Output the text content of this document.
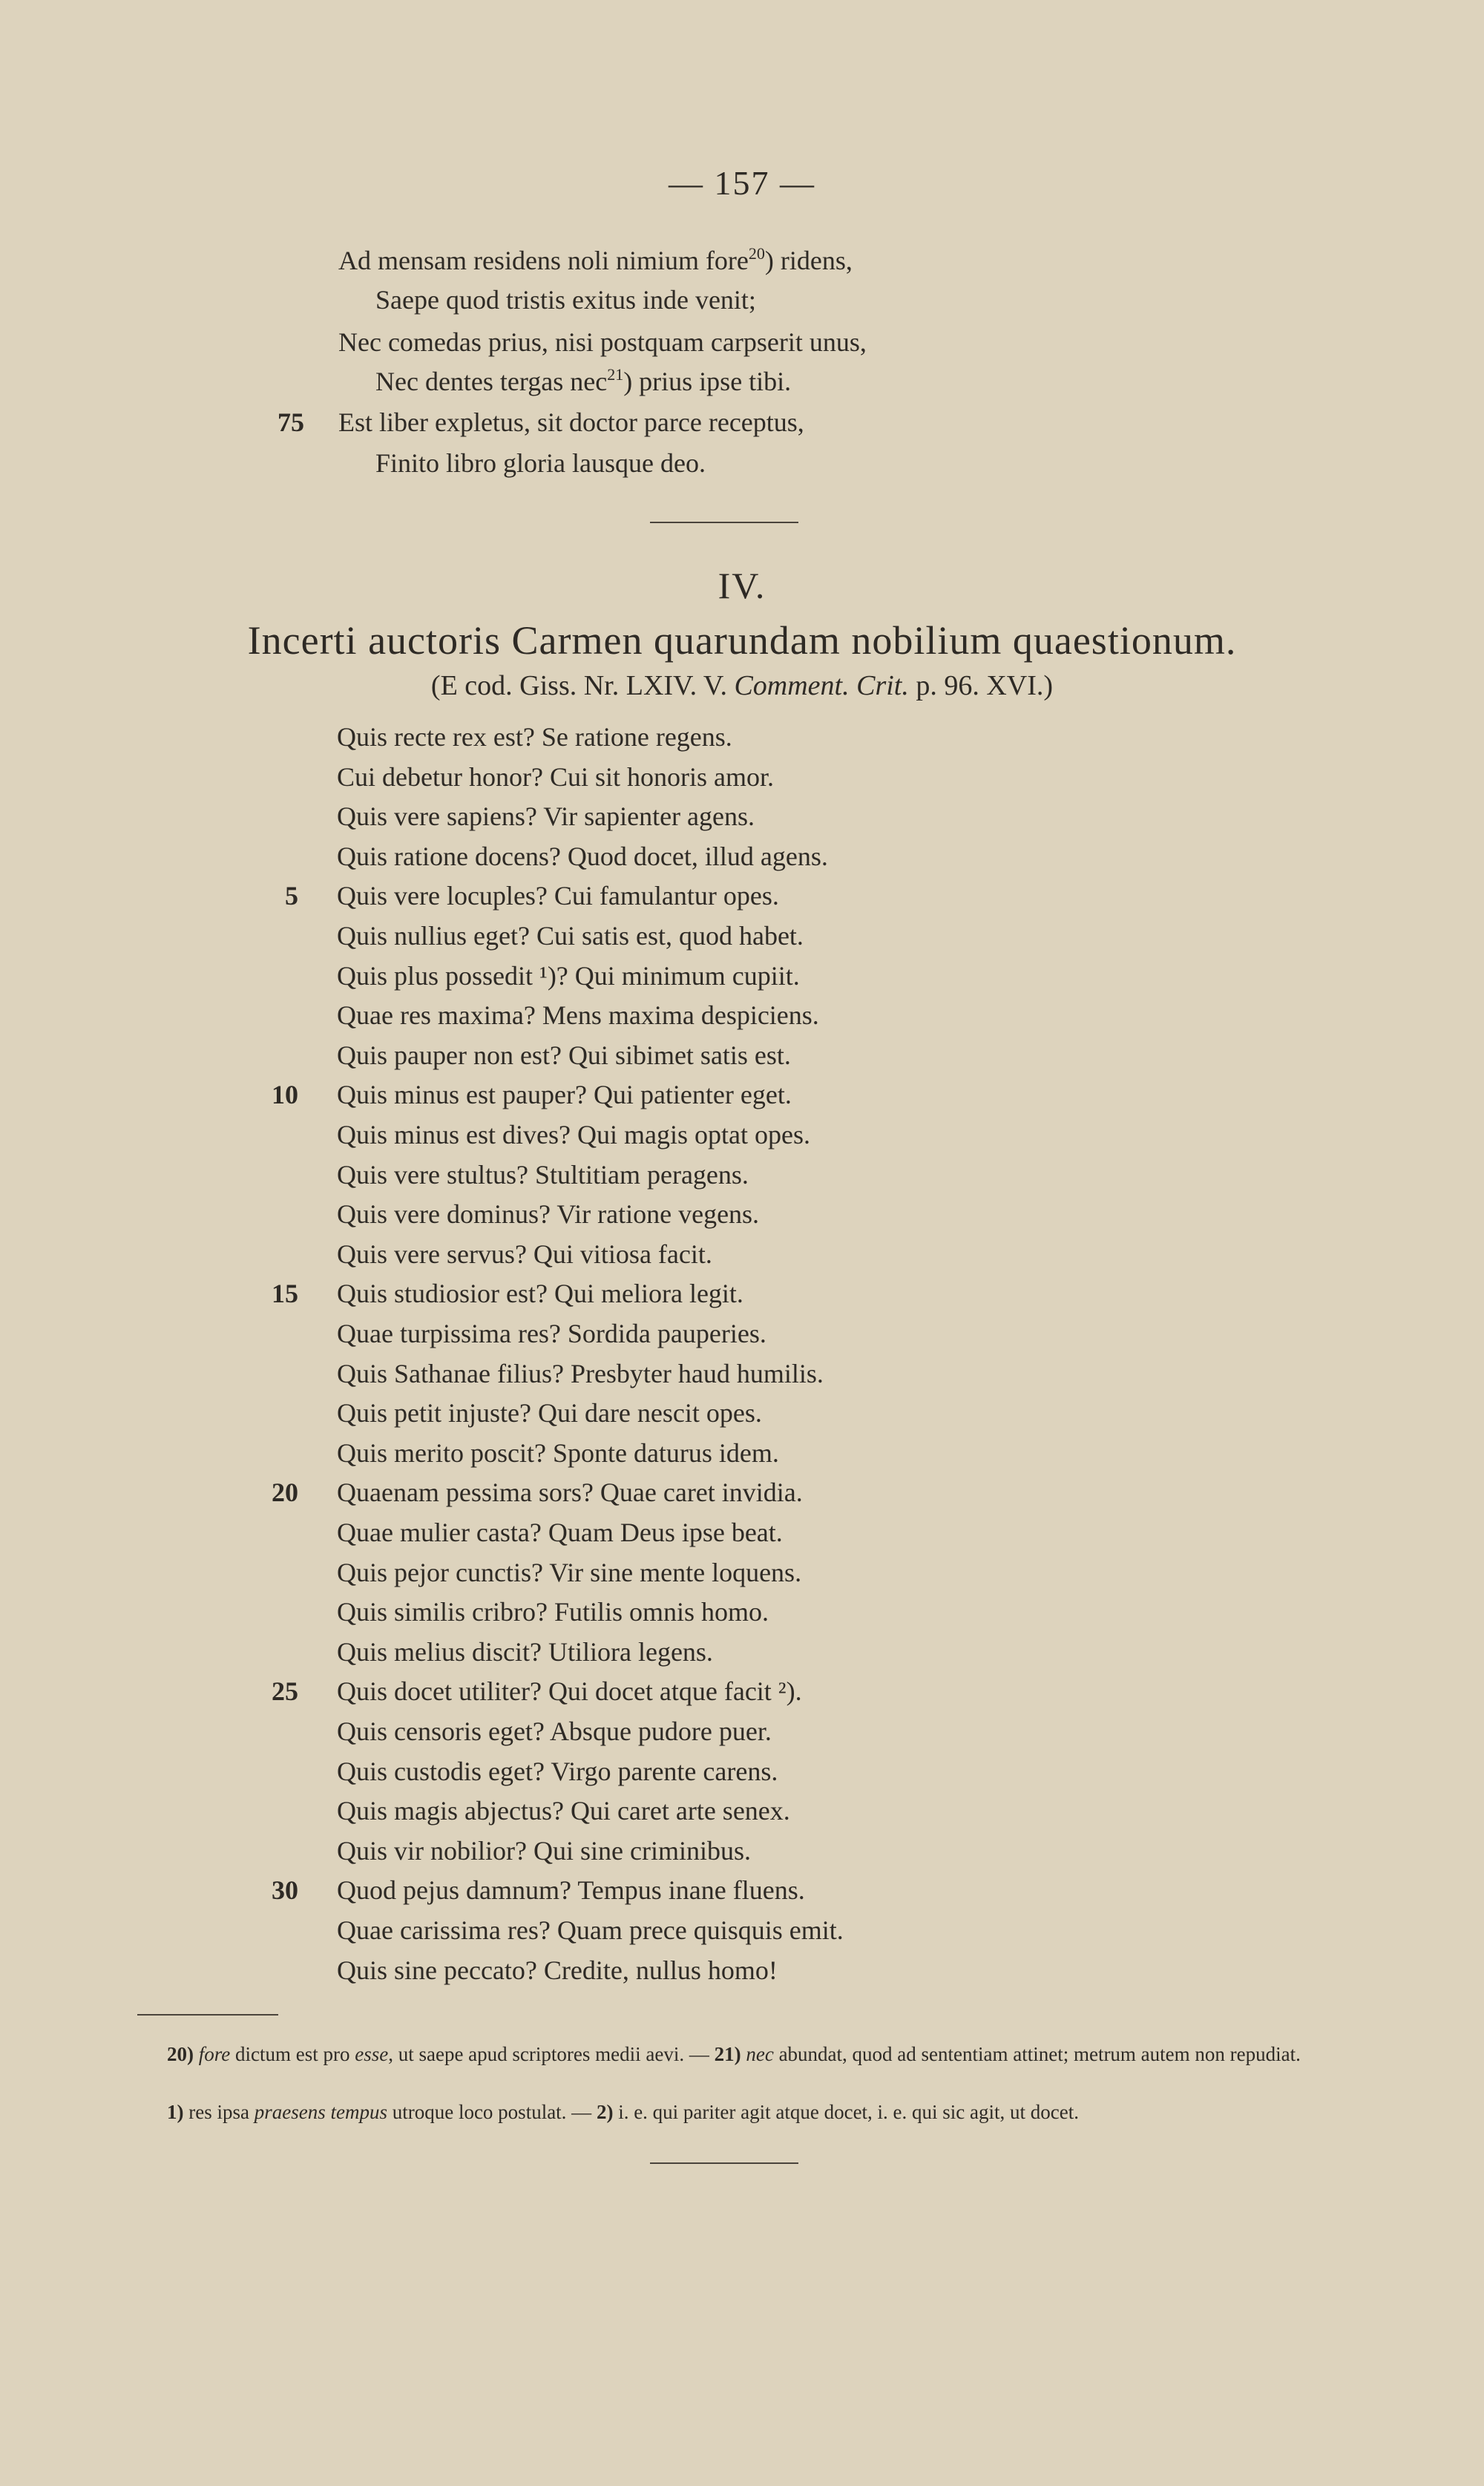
— 157 —
Ad mensam residens noli nimium fore$^{20}$) ridens,
Saepe quod tristis exitus inde venit;
Nec comedas prius, nisi postquam carpserit unus,
Nec dentes tergas nec$^{21}$) prius ipse tibi.
75 Est liber expletus, sit doctor parce receptus,
Finito libro gloria lausque deo.
IV.
Incerti auctoris Carmen quarundam nobilium quaestionum.
(E cod. Giss. Nr. LXIV. V. Comment. Crit. p. 96. XVI.)
Quis recte rex est? Se ratione regens.
Cui debetur honor? Cui sit honoris amor.
Quis vere sapiens? Vir sapienter agens.
Quis ratione docens? Quod docet, illud agens.
5 Quis vere locuples? Cui famulantur opes.
Quis nullius eget? Cui satis est, quod habet.
Quis plus possedit ¹)? Qui minimum cupiit.
Quae res maxima? Mens maxima despiciens.
Quis pauper non est? Qui sibimet satis est.
10 Quis minus est pauper? Qui patienter eget.
Quis minus est dives? Qui magis optat opes.
Quis vere stultus? Stultitiam peragens.
Quis vere dominus? Vir ratione vegens.
Quis vere servus? Qui vitiosa facit.
15 Quis studiosior est? Qui meliora legit.
Quae turpissima res? Sordida pauperies.
Quis Sathanae filius? Presbyter haud humilis.
Quis petit injuste? Qui dare nescit opes.
Quis merito poscit? Sponte daturus idem.
20 Quaenam pessima sors? Quae caret invidia.
Quae mulier casta? Quam Deus ipse beat.
Quis pejor cunctis? Vir sine mente loquens.
Quis similis cribro? Futilis omnis homo.
Quis melius discit? Utiliora legens.
25 Quis docet utiliter? Qui docet atque facit ²).
Quis censoris eget? Absque pudore puer.
Quis custodis eget? Virgo parente carens.
Quis magis abjectus? Qui caret arte senex.
Quis vir nobilior? Qui sine criminibus.
30 Quod pejus damnum? Tempus inane fluens.
Quae carissima res? Quam prece quisquis emit.
Quis sine peccato? Credite, nullus homo!
20) fore dictum est pro esse, ut saepe apud scriptores medii aevi. — 21) nec abundat, quod ad sententiam attinet; metrum autem non repudiat.
1) res ipsa praesens tempus utroque loco postulat. — 2) i. e. qui pariter agit atque docet, i. e. qui sic agit, ut docet.
